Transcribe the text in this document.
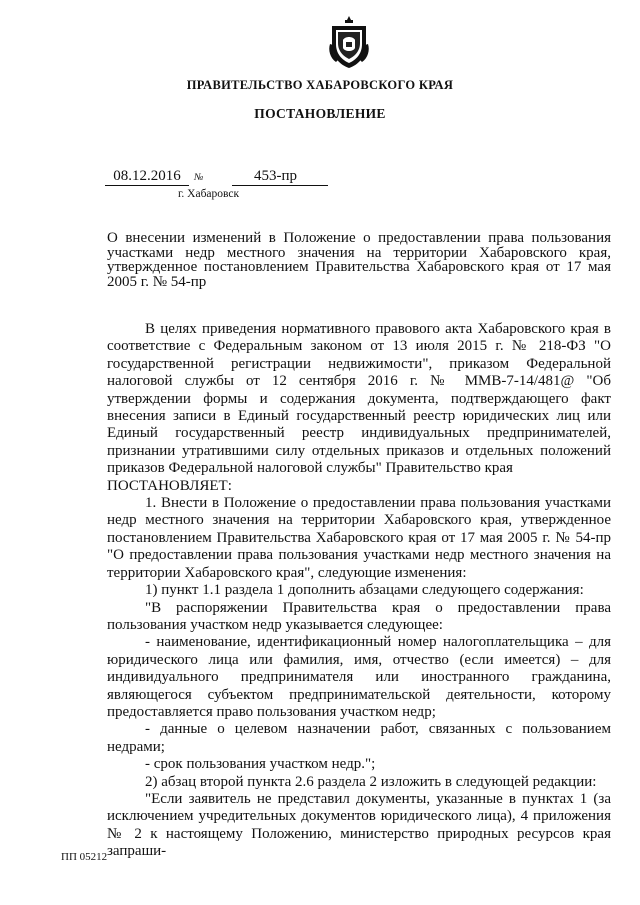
ПРАВИТЕЛЬСТВО ХАБАРОВСКОГО КРАЯ
ПОСТАНОВЛЕНИЕ
08.12.2016	№	453-пр
г. Хабаровск
О внесении изменений в Положение о предоставлении права пользования участками недр местного значения на территории Хабаровского края, утвержденное постановлением Правительства Хабаровского края от 17 мая 2005 г. № 54-пр

В целях приведения нормативного правового акта Хабаровского края в соответствие с Федеральным законом от 13 июля 2015 г. № 218-ФЗ "О государственной регистрации недвижимости", приказом Федеральной налоговой службы от 12 сентября 2016 г. № ММВ-7-14/481@ "Об утверждении формы и содержания документа, подтверждающего факт внесения записи в Единый государственный реестр юридических лиц или Единый государственный реестр индивидуальных предпринимателей, признании утратившими силу отдельных приказов и отдельных положений приказов Федеральной налоговой службы" Правительство края

ПОСТАНОВЛЯЕТ:

1. Внести в Положение о предоставлении права пользования участками недр местного значения на территории Хабаровского края, утвержденное постановлением Правительства Хабаровского края от 17 мая 2005 г. № 54-пр "О предоставлении права пользования участками недр местного значения на территории Хабаровского края", следующие изменения:

1) пункт 1.1 раздела 1 дополнить абзацами следующего содержания:

"В распоряжении Правительства края о предоставлении права пользования участком недр указывается следующее:

- наименование, идентификационный номер налогоплательщика – для юридического лица или фамилия, имя, отчество (если имеется) – для индивидуального предпринимателя или иностранного гражданина, являющегося субъектом предпринимательской деятельности, которому предоставляется право пользования участком недр;

- данные о целевом назначении работ, связанных с пользованием недрами;

- срок пользования участком недр.";

2) абзац второй пункта 2.6 раздела 2 изложить в следующей редакции:

"Если заявитель не представил документы, указанные в пунктах 1 (за исключением учредительных документов юридического лица), 4 приложения № 2 к настоящему Положению, министерство природных ресурсов края запраши-

ПП 05212
